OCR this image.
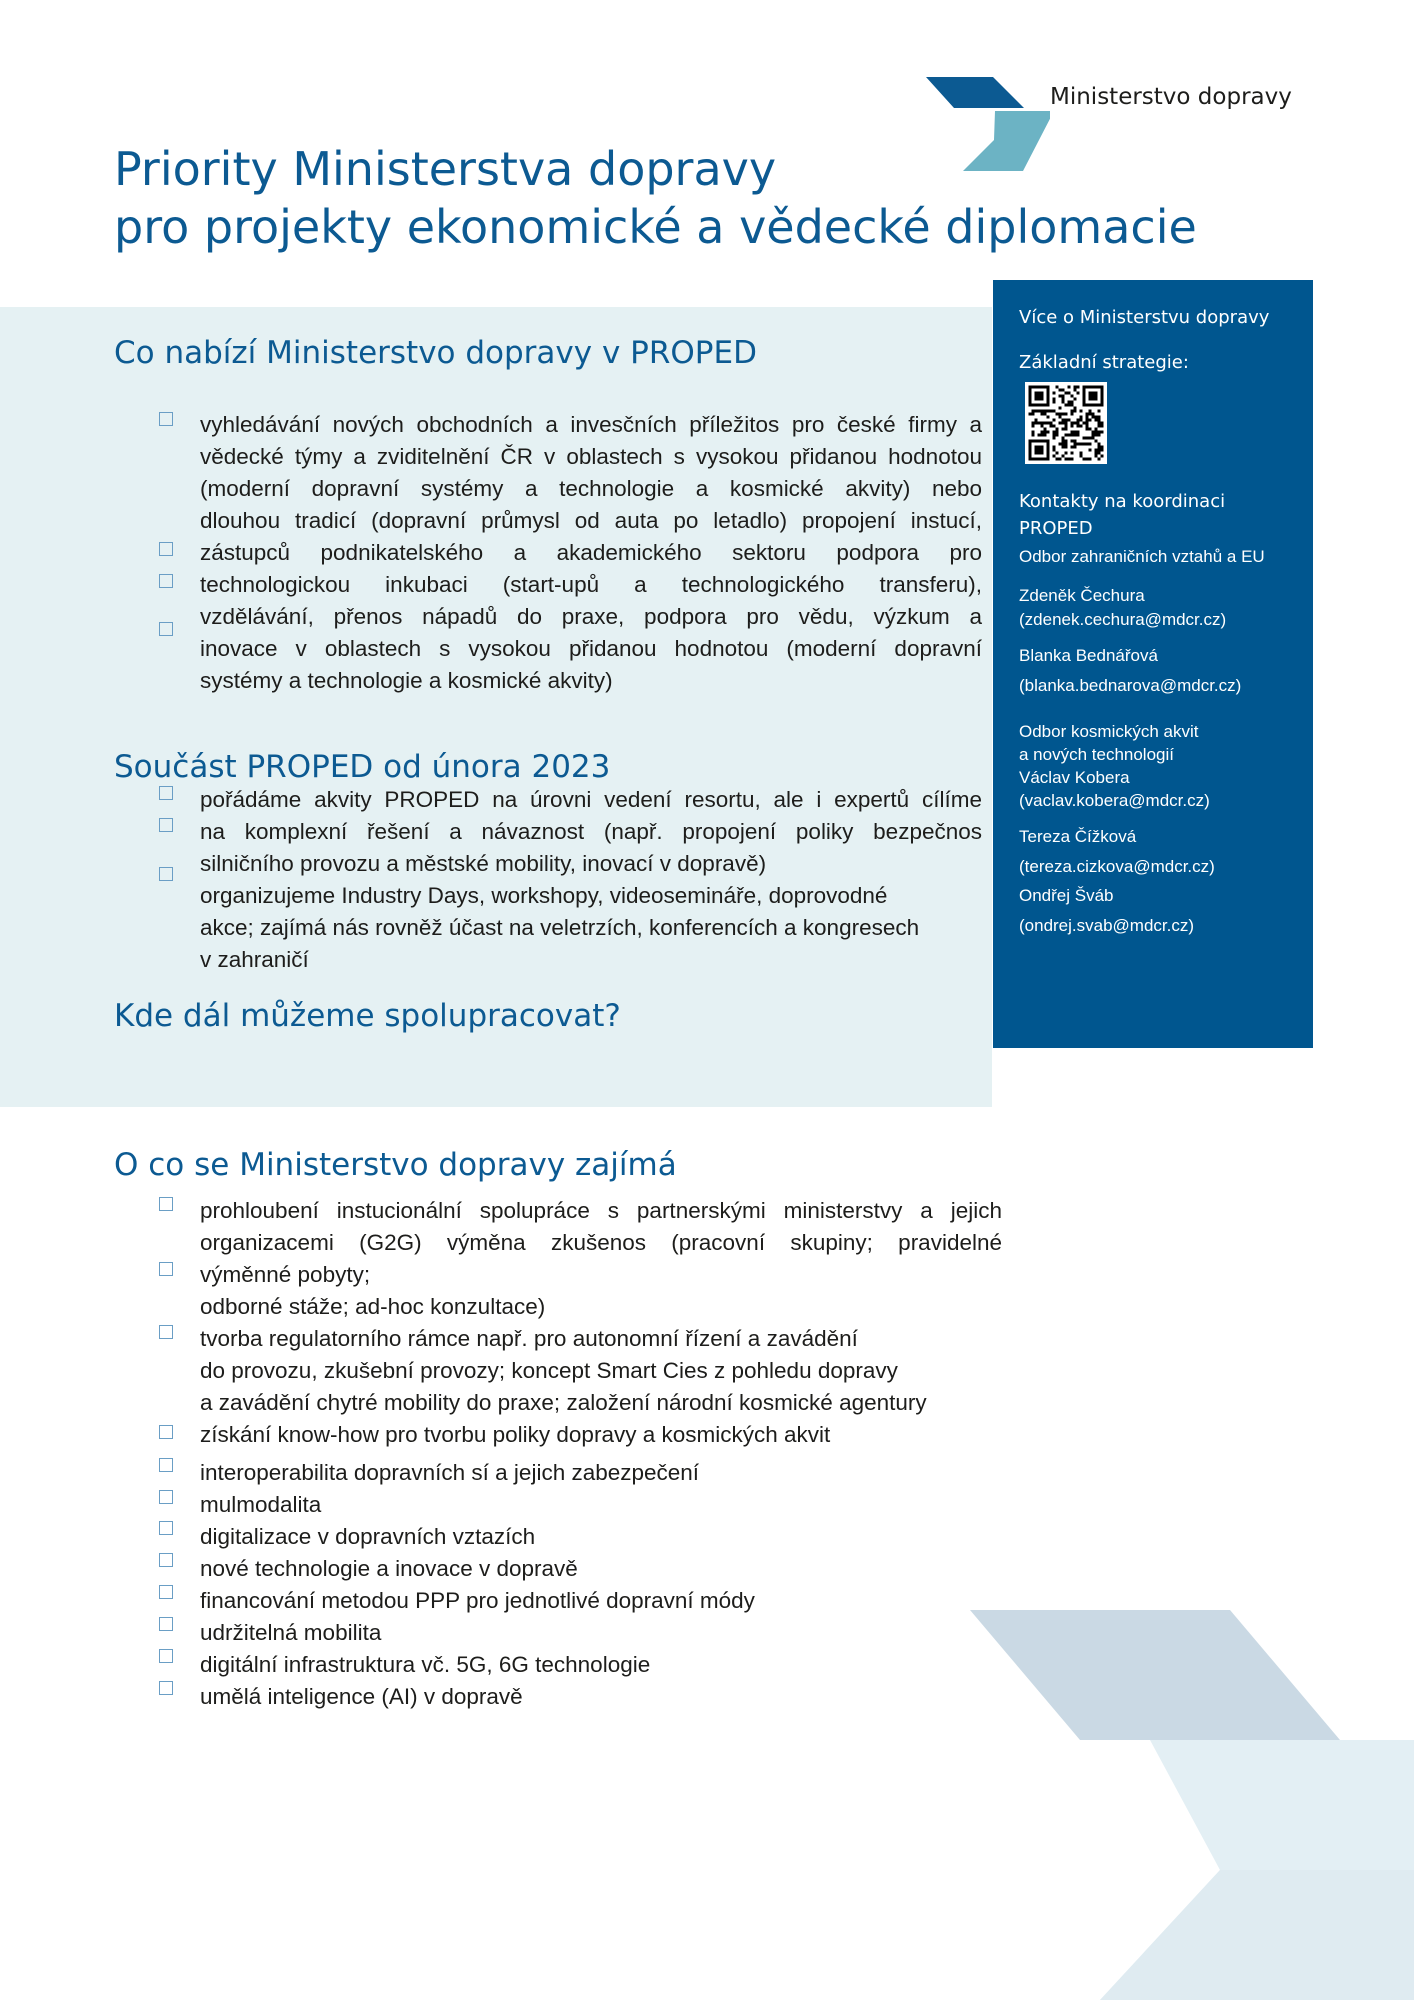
Ministerstvo dopravy
Priority Ministerstva dopravy
pro projekty ekonomické a vědecké diplomacie
Více o Ministerstvu dopravy
Základní strategie:
Kontakty na koordinaci
PROPED
Odbor zahraničních vztahů a EU
Zdeněk Čechura
(zdenek.cechura@mdcr.cz)
Blanka Bednářová
(blanka.bednarova@mdcr.cz)
Odbor kosmických akvit
a nových technologií
Václav Kobera
(vaclav.kobera@mdcr.cz)
Tereza Čížková
(tereza.cizkova@mdcr.cz)
Ondřej Šváb
(ondrej.svab@mdcr.cz)
Co nabízí Ministerstvo dopravy v PROPED
vyhledávání nových obchodních a invesčních příležitos pro české firmy a
vědecké týmy a zviditelnění ČR v oblastech s vysokou přidanou hodnotou
(moderní dopravní systémy a technologie a kosmické akvity) nebo
dlouhou tradicí (dopravní průmysl od auta po letadlo) propojení instucí,
zástupců podnikatelského a akademického sektoru podpora pro
technologickou inkubaci (start-upů a technologického transferu),
vzdělávání, přenos nápadů do praxe, podpora pro vědu, výzkum a
inovace v oblastech s vysokou přidanou hodnotou (moderní dopravní
systémy a technologie a kosmické akvity)
Součást PROPED od února 2023
pořádáme akvity PROPED na úrovni vedení resortu, ale i expertů cílíme
na komplexní řešení a návaznost (např. propojení poliky bezpečnos
silničního provozu a městské mobility, inovací v dopravě)
organizujeme Industry Days, workshopy, videosemináře, doprovodné
akce; zajímá nás rovněž účast na veletrzích, konferencích a kongresech
v zahraničí
Kde dál můžeme spolupracovat?
O co se Ministerstvo dopravy zajímá
prohloubení instucionální spolupráce s partnerskými ministerstvy a jejich
organizacemi (G2G) výměna zkušenos (pracovní skupiny; pravidelné
výměnné pobyty;
odborné stáže; ad-hoc konzultace)
tvorba regulatorního rámce např. pro autonomní řízení a zavádění
do provozu, zkušební provozy; koncept Smart Cies z pohledu dopravy
a zavádění chytré mobility do praxe; založení národní kosmické agentury
získání know-how pro tvorbu poliky dopravy a kosmických akvit
interoperabilita dopravních sí a jejich zabezpečení
mulmodalita
digitalizace v dopravních vztazích
nové technologie a inovace v dopravě
financování metodou PPP pro jednotlivé dopravní módy
udržitelná mobilita
digitální infrastruktura vč. 5G, 6G technologie
umělá inteligence (AI) v dopravě
